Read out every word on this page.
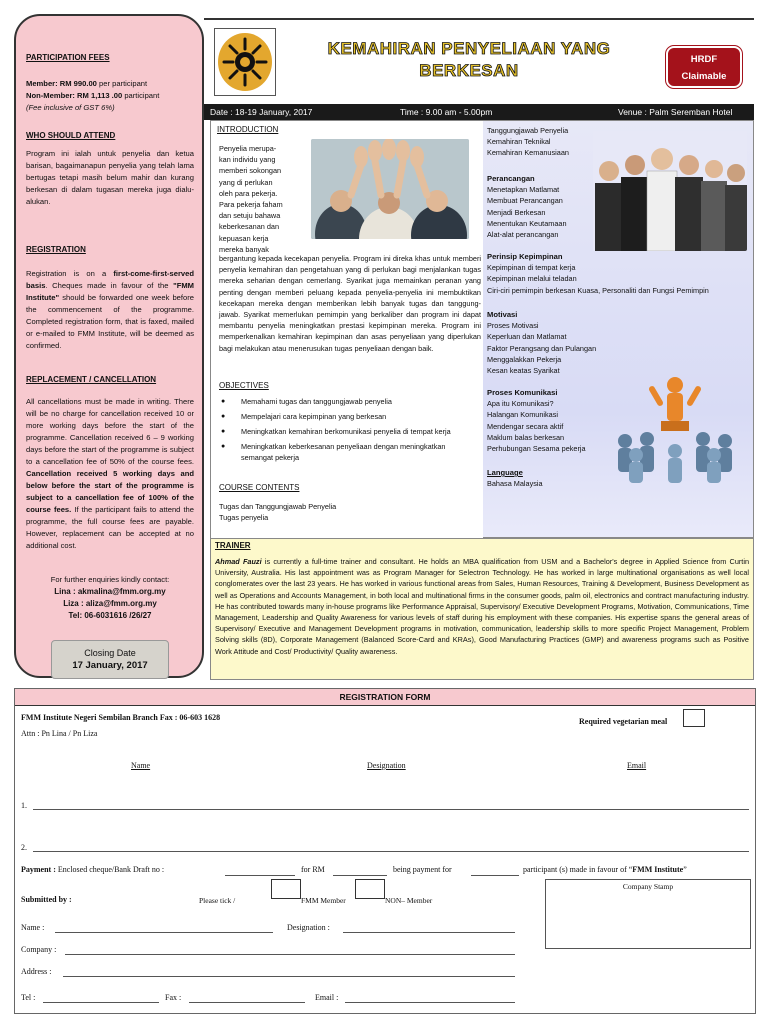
PARTICIPATION FEES
Member: RM 990.00 per participant
Non-Member: RM 1,113 .00 participant
(Fee inclusive of GST 6%)
WHO SHOULD ATTEND
Program ini ialah untuk penyelia dan ketua barisan, bagaimanapun penyelia yang telah lama bertugas tetapi masih belum mahir dan kurang berkesan di dalam tugasan mereka juga dialu-alukan.
REGISTRATION
Registration is on a first-come-first-served basis. Cheques made in favour of the "FMM Institute" should be forwarded one week before the commencement of the programme. Completed registration form, that is faxed, mailed or e-mailed to FMM Institute, will be deemed as confirmed.
REPLACEMENT / CANCELLATION
All cancellations must be made in writing. There will be no charge for cancellation received 10 or more working days before the start of the programme. Cancellation received 6 – 9 working days before the start of the programme is subject to a cancellation fee of 50% of the course fees. Cancellation received 5 working days and below before the start of the programme is subject to a cancellation fee of 100% of the course fees. If the participant fails to attend the programme, the full course fees are payable. However, replacement can be accepted at no additional cost.
For further enquiries kindly contact:
Lina : akmalina@fmm.org.my
Liza : aliza@fmm.org.my
Tel: 06-6031616 /26/27
Closing Date
17 January, 2017
KEMAHIRAN PENYELIAAN YANG
BERKESAN
HRDF
Claimable
Date : 18-19 January, 2017	Time : 9.00 am - 5.00pm	Venue : Palm Seremban Hotel
INTRODUCTION
Penyelia merupa-
kan individu yang
memberi sokongan
yang di perlukan
oleh para pekerja.
Para pekerja faham
dan setuju bahawa
keberkesanan dan
kepuasan kerja
mereka banyak
bergantung kepada kecekapan penyelia. Program ini direka khas untuk memberi penyelia kemahiran dan pengetahuan yang di perlukan bagi menjalankan tugas mereka seharian dengan cemerlang. Syarikat juga memainkan peranan yang penting dengan memberi peluang kepada penyelia-penyelia ini membuktikan kecekapan mereka dengan memberikan lebih banyak tugas dan tanggung-jawab. Syarikat memerlukan pemimpin yang berkaliber dan program ini dapat membantu penyelia meningkatkan prestasi kepimpinan mereka. Program ini memperkenalkan kemahiran kepimpinan dan asas penyeliaan yang diperlukan bagi melakukan atau menerusukan tugas penyeliaan dengan baik.
OBJECTIVES
● Memahami tugas dan tanggungjawab penyelia
● Mempelajari cara kepimpinan yang berkesan
● Meningkatkan kemahiran berkomunikasi penyelia di tempat kerja
● Meningkatkan keberkesanan penyeliaan dengan meningkatkan semangat pekerja
COURSE CONTENTS
Tugas dan Tanggungjawab Penyelia
Tugas penyelia
Tanggungjawab Penyelia
Kemahiran Teknikal
Kemahiran Kemanusiaan
Perancangan
Menetapkan Matlamat
Membuat Perancangan
Menjadi Berkesan
Menentukan Keutamaan
Alat-alat perancangan
Perinsip Kepimpinan
Kepimpinan di tempat kerja
Kepimpinan melalui teladan
Ciri-ciri pemimpin berkesan Kuasa, Personaliti dan Fungsi Pemimpin
Motivasi
Proses Motivasi
Keperluan dan Matlamat
Faktor Perangsang dan Pulangan
Menggalakkan Pekerja
Kesan keatas Syarikat
Proses Komunikasi
Apa itu Komunikasi?
Halangan Komunikasi
Mendengar secara aktif
Maklum balas berkesan
Perhubungan Sesama pekerja
Language
Bahasa Malaysia
TRAINER
Ahmad Fauzi is currently a full-time trainer and consultant. He holds an MBA qualification from USM and a Bachelor's degree in Applied Science from Curtin University, Australia. His last appointment was as Program Manager for Selectron Technology. He has worked in large multinational organisations as well local conglomerates over the last 23 years. He has worked in various functional areas from Sales, Human Resources, Training & Development, Business Development as well as Operations and Accounts Management, in both local and multinational firms in the consumer goods, palm oil, electronics and contract manufacturing industry. He has contributed towards many in-house programs like Performance Appraisal, Supervisory/ Executive Development Programs, Motivation, Communications, Time Management, Leadership and Quality Awareness for various levels of staff during his employment with these companies. His expertise spans the general areas of Supervisory/ Executive and Management Development programs in motivation, communication, leadership skills to more specific Project Management, Problem Solving skills (8D), Corporate Management (Balanced Score-Card and KRAs), Good Manufacturing Practices (GMP) and awareness programs such as Positive Work Attitude and Cost/ Productivity/ Quality awareness.
REGISTRATION FORM
FMM Institute Negeri Sembilan Branch Fax : 06-603 1628
Attn : Pn Lina / Pn Liza
Required vegetarian meal
Name	Designation	Email
1.
2.
Payment : Enclosed cheque/Bank Draft no :	for RM	being payment for	participant (s) made in favour of “FMM Institute”
Submitted by :	Please tick /	FMM Member	NON– Member
Company Stamp
Name :	Designation :
Company :
Address :
Tel :	Fax :	Email :
